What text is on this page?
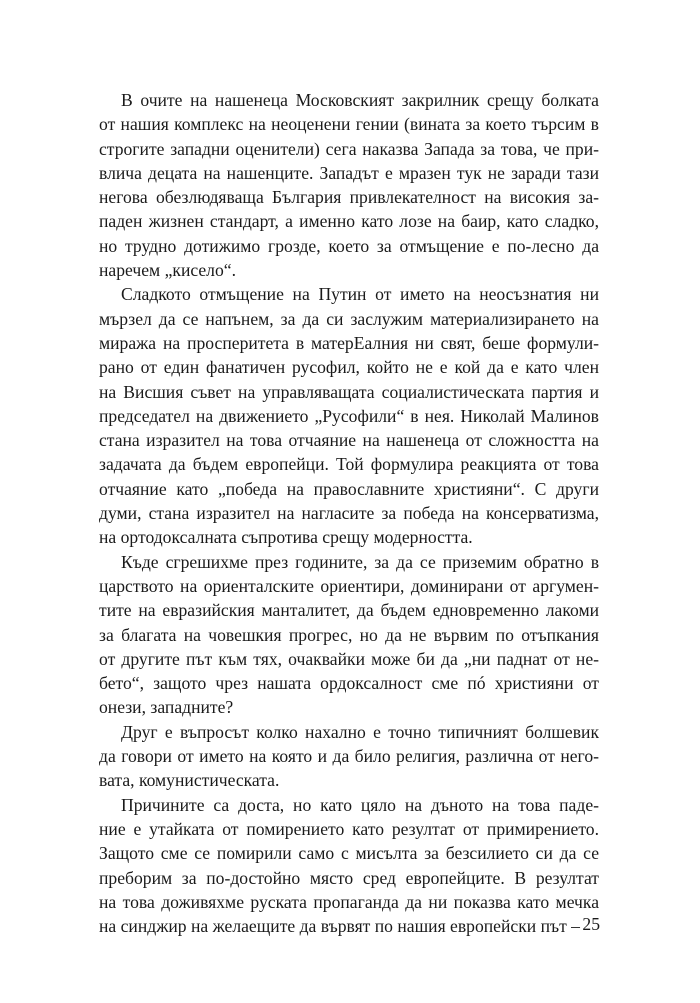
В очите на нашенеца Московският закрилник срещу болката
от нашия комплекс на неоценени гении (вината за което търсим в
строгите западни оценители) сега наказва Запада за това, че при-
влича децата на нашенците. Западът е мразен тук не заради тази
негова обезлюдяваща България привлекателност на високия за-
паден жизнен стандарт, а именно като лозе на баир, като сладко,
но трудно дотижимо грозде, което за отмъщение е по-лесно да
наречем „кисело“.
Сладкото отмъщение на Путин от името на неосъзнатия ни
мързел да се напънем, за да си заслужим материализирането на
миража на просперитета в матерЕалния ни свят, беше формули-
рано от един фанатичен русофил, който не е кой да е като член
на Висшия съвет на управляващата социалистическата партия и
председател на движението „Русофили“ в нея. Николай Малинов
стана изразител на това отчаяние на нашенеца от сложността на
задачата да бъдем европейци. Той формулира реакцията от това
отчаяние като „победа на православните християни“. С други
думи, стана изразител на нагласите за победа на консерватизма,
на ортодоксалната съпротива срещу модерността.
Къде сгрешихме през годините, за да се приземим обратно в
царството на ориенталските ориентири, доминирани от аргумен-
тите на евразийския манталитет, да бъдем едновременно лакоми
за благата на човешкия прогрес, но да не вървим по отъпкания
от другите път към тях, очаквайки може би да „ни паднат от не-
бето“, защото чрез нашата ордоксалност сме пó християни от
онези, западните?
Друг е въпросът колко нахално е точно типичният болшевик
да говори от името на която и да било религия, различна от него-
вата, комунистическата.
Причините са доста, но като цяло на дъното на това паде-
ние е утайката от помирението като резултат от примирението.
Защото сме се помирили само с мисълта за безсилието си да се
преборим за по-достойно място сред европейците. В резултат
на това доживяхме руската пропаганда да ни показва като мечка
на синджир на желаещите да вървят по нашия европейски път – 25
